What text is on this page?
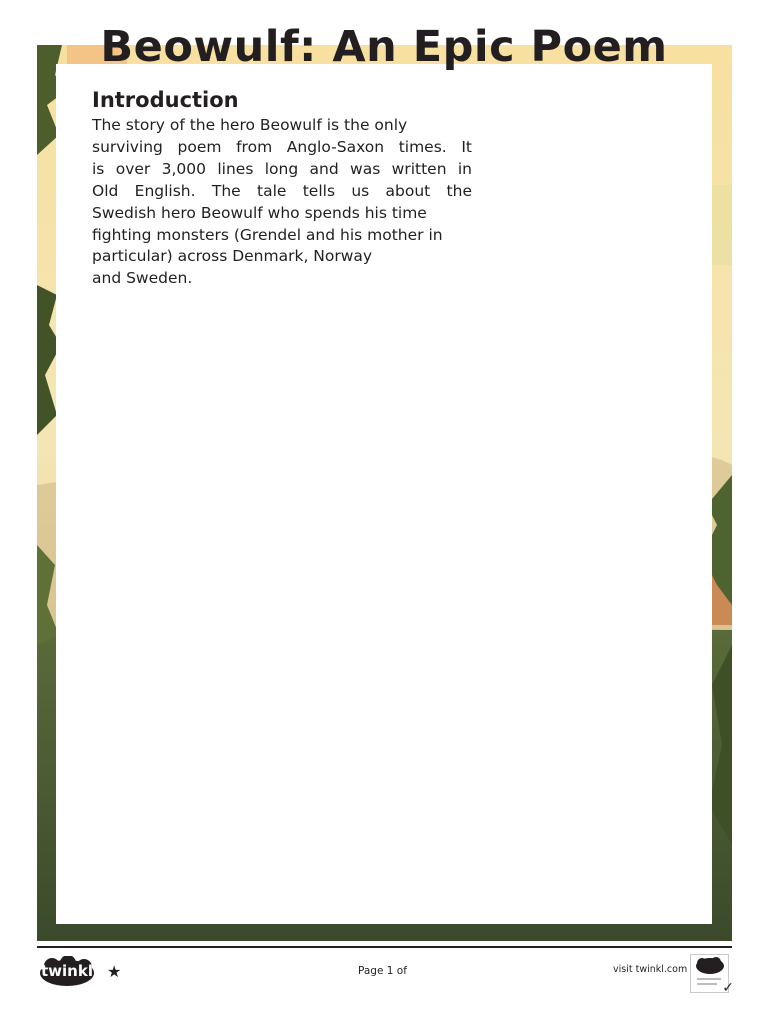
Beowulf: An Epic Poem
Introduction
The story of the hero Beowulf is the only
surviving poem from Anglo-Saxon times. It
is over 3,000 lines long and was written in
Old English. The tale tells us about the
Swedish hero Beowulf who spends his time
fighting monsters (Grendel and his mother in
particular) across Denmark, Norway
and Sweden.
twinkl ★	Page 1 of	visit twinkl.com
✓
